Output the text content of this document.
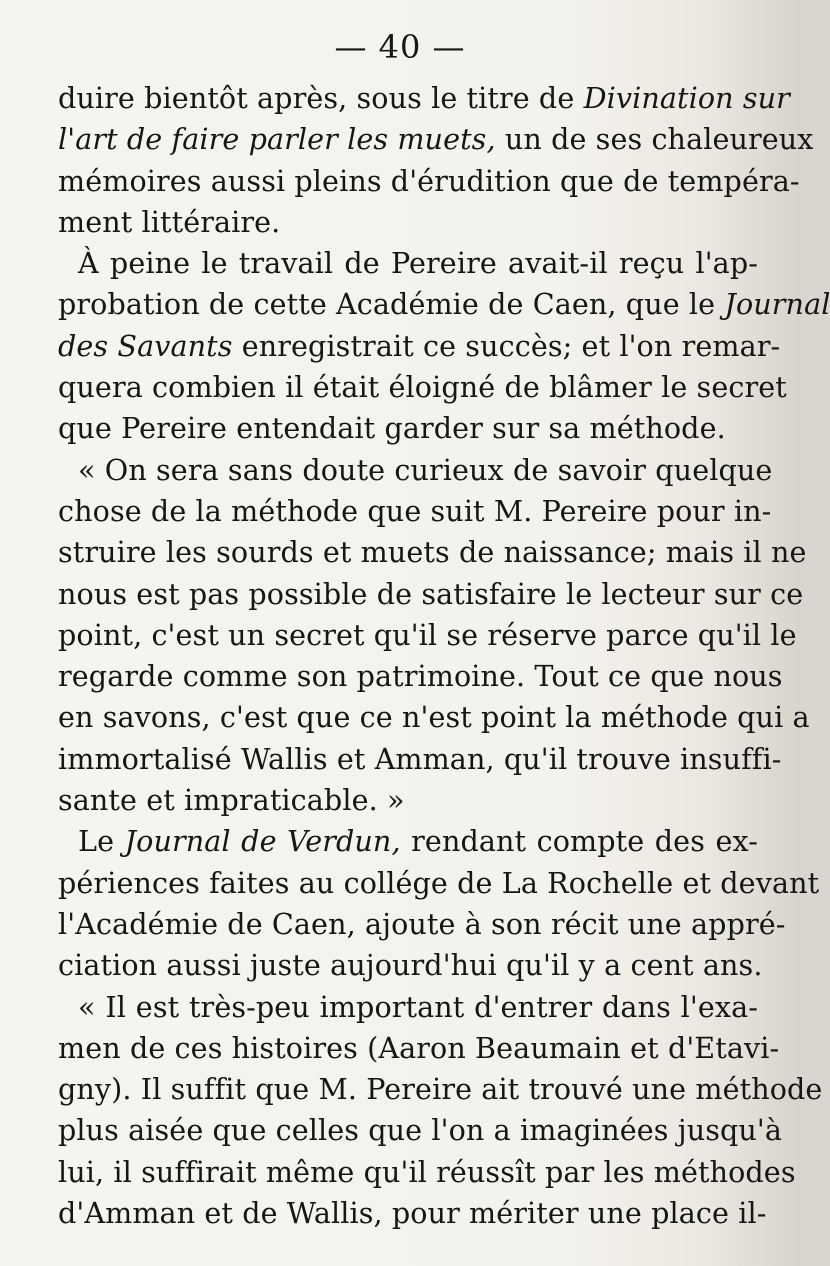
— 40 —
duire bientôt après, sous le titre de Divination sur
l'art de faire parler les muets, un de ses chaleureux
mémoires aussi pleins d'érudition que de tempéra-
ment littéraire.
À peine le travail de Pereire avait-il reçu l'ap-
probation de cette Académie de Caen, que le Journal
des Savants enregistrait ce succès; et l'on remar-
quera combien il était éloigné de blâmer le secret
que Pereire entendait garder sur sa méthode.
« On sera sans doute curieux de savoir quelque
chose de la méthode que suit M. Pereire pour in-
struire les sourds et muets de naissance; mais il ne
nous est pas possible de satisfaire le lecteur sur ce
point, c'est un secret qu'il se réserve parce qu'il le
regarde comme son patrimoine. Tout ce que nous
en savons, c'est que ce n'est point la méthode qui a
immortalisé Wallis et Amman, qu'il trouve insuffi-
sante et impraticable. »
Le Journal de Verdun, rendant compte des ex-
périences faites au collége de La Rochelle et devant
l'Académie de Caen, ajoute à son récit une appré-
ciation aussi juste aujourd'hui qu'il y a cent ans.
« Il est très-peu important d'entrer dans l'exa-
men de ces histoires (Aaron Beaumain et d'Etavi-
gny). Il suffit que M. Pereire ait trouvé une méthode
plus aisée que celles que l'on a imaginées jusqu'à
lui, il suffirait même qu'il réussît par les méthodes
d'Amman et de Wallis, pour mériter une place il-
